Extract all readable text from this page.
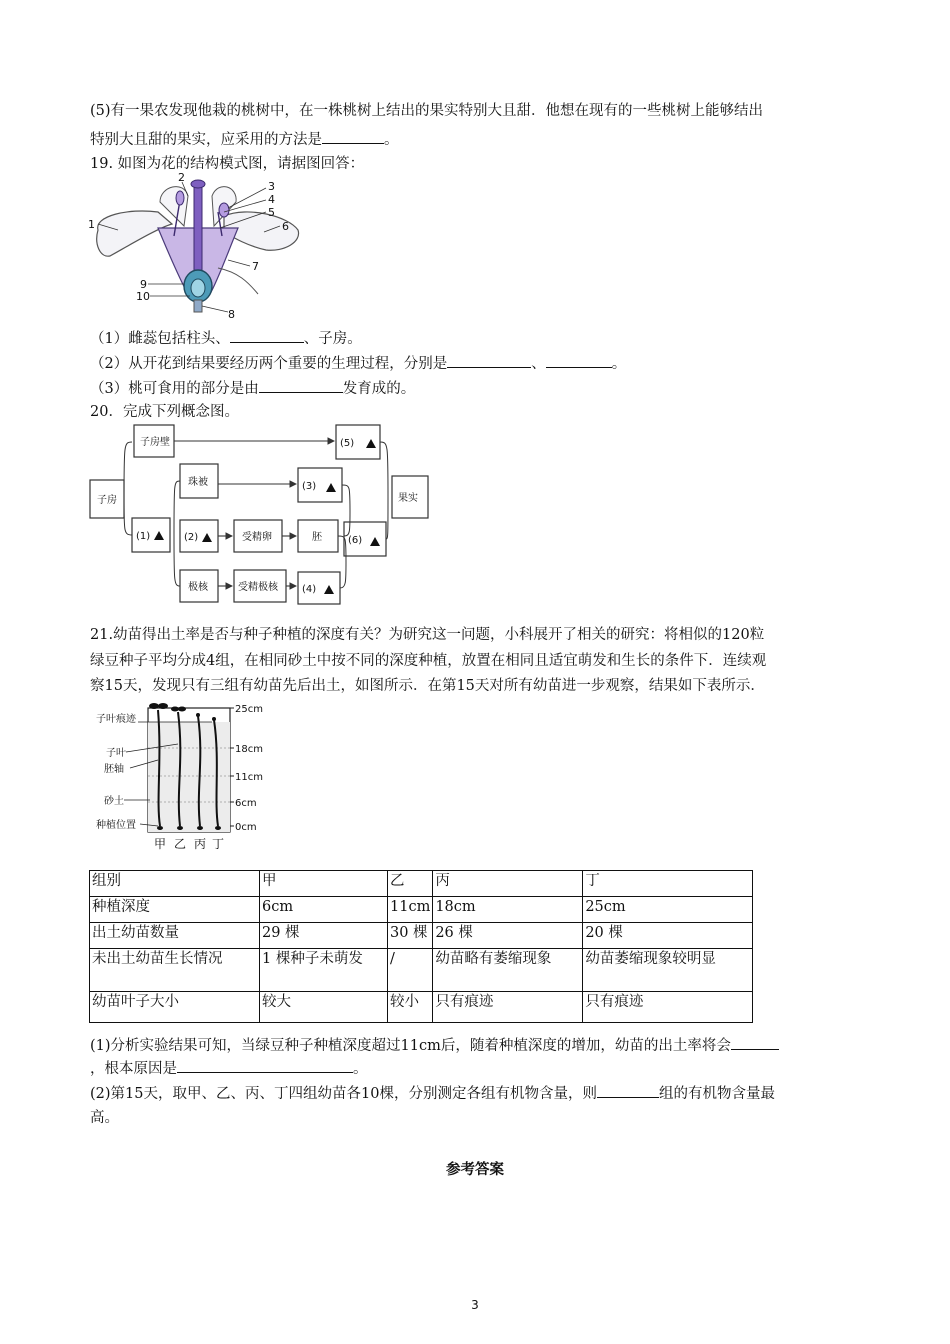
(5)有一果农发现他栽的桃树中，在一株桃树上结出的果实特别大且甜．他想在现有的一些桃树上能够结出
特别大且甜的果实，应采用的方法是	。
19. 如图为花的结构模式图，请据图回答：
1
2
3
4
5
6
7
8
9
10
（1）雌蕊包括柱头、	、子房。
（2）从开花到结果要经历两个重要的生理过程，分别是	、	。
（3）桃可食用的部分是由	发育成的。
20．完成下列概念图。
子房
子房壁	(5)
珠被	(3)
果实
(1)	(2)	受精卵	胚	(6)
极核	受精极核 (4)
21.幼苗得出土率是否与种子种植的深度有关？为研究这一问题，小科展开了相关的研究：将相似的120粒
绿豆种子平均分成4组，在相同砂土中按不同的深度种植，放置在相同且适宜萌发和生长的条件下．连续观
察15天，发现只有三组有幼苗先后出土，如图所示．在第15天对所有幼苗进一步观察，结果如下表所示．
子叶痕迹
子叶
胚轴
砂土
种植位置
25cm
18cm
11cm
6cm
0cm
甲 乙 丙 丁
组别	甲	乙	丙	丁
种植深度	6cm	11cm	18cm	25cm
出土幼苗数量	29 棵	30 棵	26 棵	20 棵
未出土幼苗生长情况	1 棵种子未萌发	/	幼苗略有萎缩现象	幼苗萎缩现象较明显
幼苗叶子大小	较大	较小	只有痕迹	只有痕迹
(1)分析实验结果可知，当绿豆种子种植深度超过11cm后，随着种植深度的增加，幼苗的出土率将会
，根本原因是	。
(2)第15天，取甲、乙、丙、丁四组幼苗各10棵，分别测定各组有机物含量，则	组的有机物含量最
高。
参考答案
3
